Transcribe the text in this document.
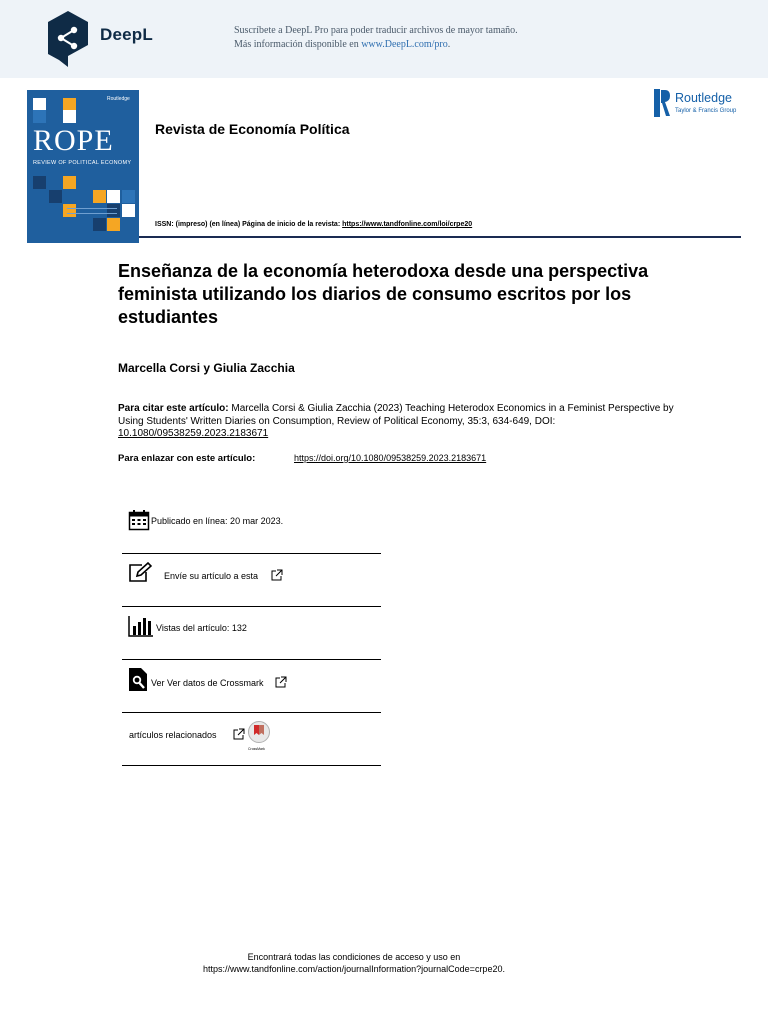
DeepL	Suscríbete a DeepL Pro para poder traducir archivos de mayor tamaño.
Más información disponible en www.DeepL.com/pro.
ROPE
REVIEW OF POLITICAL ECONOMY
Routledge
Revista de Economía Política
ISSN: (impreso) (en línea) Página de inicio de la revista: https://www.tandfonline.com/loi/crpe20
Routledge
Taylor & Francis Group
Enseñanza de la economía heterodoxa desde una perspectiva feminista utilizando los diarios de consumo escritos por los estudiantes
Marcella Corsi y Giulia Zacchia
Para citar este artículo: Marcella Corsi & Giulia Zacchia (2023) Teaching Heterodox Economics in a Feminist Perspective by Using Students' Written Diaries on Consumption, Review of Political Economy, 35:3, 634-649, DOI: 10.1080/09538259.2023.2183671
Para enlazar con este artículo:	https://doi.org/10.1080/09538259.2023.2183671
Publicado en línea: 20 mar 2023.
Envíe su artículo a esta
Vistas del artículo: 132
Ver Ver datos de Crossmark
artículos relacionados
CrossMark
Encontrará todas las condiciones de acceso y uso en
https://www.tandfonline.com/action/journalInformation?journalCode=crpe20.
